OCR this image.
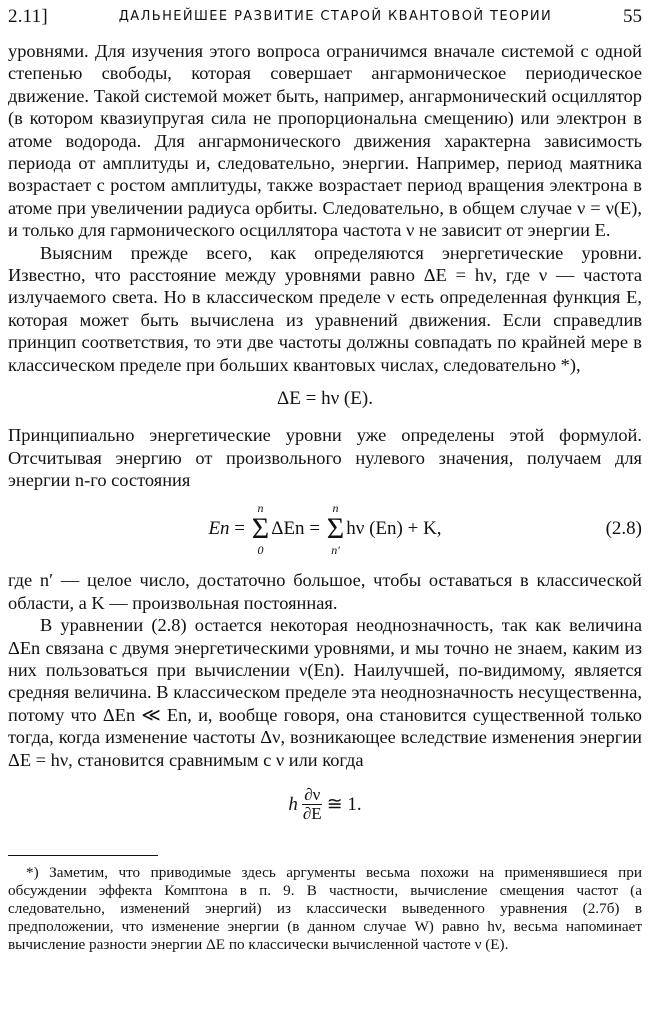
2.11]	ДАЛЬНЕЙШЕЕ РАЗВИТИЕ СТАРОЙ КВАНТОВОЙ ТЕОРИИ	55

уровнями. Для изучения этого вопроса ограничимся вначале системой с одной степенью свободы, которая совершает ангармоническое периодическое движение. Такой системой может быть, например, ангармонический осциллятор (в котором квазиупругая сила не пропорциональна смещению) или электрон в атоме водорода. Для ангармонического движения характерна зависимость периода от амплитуды и, следовательно, энергии. Например, период маятника возрастает с ростом амплитуды, также возрастает период вращения электрона в атоме при увеличении радиуса орбиты. Следовательно, в общем случае ν = ν(E), и только для гармонического осциллятора частота ν не зависит от энергии E.

Выясним прежде всего, как определяются энергетические уровни. Известно, что расстояние между уровнями равно ΔE = hν, где ν — частота излучаемого света. Но в классическом пределе ν есть определенная функция E, которая может быть вычислена из уравнений движения. Если справедлив принцип соответствия, то эти две частоты должны совпадать по крайней мере в классическом пределе при больших квантовых числах, следовательно *),

ΔE = hν (E).

Принципиально энергетические уровни уже определены этой формулой. Отсчитывая энергию от произвольного нулевого значения, получаем для энергии n-го состояния

En =
n
Σ
0
ΔEn =
n
Σ
n′
hν (En) + K,	(2.8)

где n′ — целое число, достаточно большое, чтобы оставаться в классической области, а K — произвольная постоянная.

В уравнении (2.8) остается некоторая неоднозначность, так как величина ΔEn связана с двумя энергетическими уровнями, и мы точно не знаем, каким из них пользоваться при вычислении ν(En). Наилучшей, по-видимому, является средняя величина. В классическом пределе эта неоднозначность несущественна, потому что ΔEn ≪ En, и, вообще говоря, она становится существенной только тогда, когда изменение частоты Δν, возникающее вследствие изменения энергии ΔE = hν, становится сравнимым с ν или когда

h $\frac{\partial\nu}{\partial E}$ ≅ 1.

*) Заметим, что приводимые здесь аргументы весьма похожи на применявшиеся при обсуждении эффекта Комптона в п. 9. В частности, вычисление смещения частот (а следовательно, изменений энергий) из классически выведенного уравнения (2.7б) в предположении, что изменение энергии (в данном случае W) равно hν, весьма напоминает вычисление разности энергии ΔE по классически вычисленной частоте ν (E).
